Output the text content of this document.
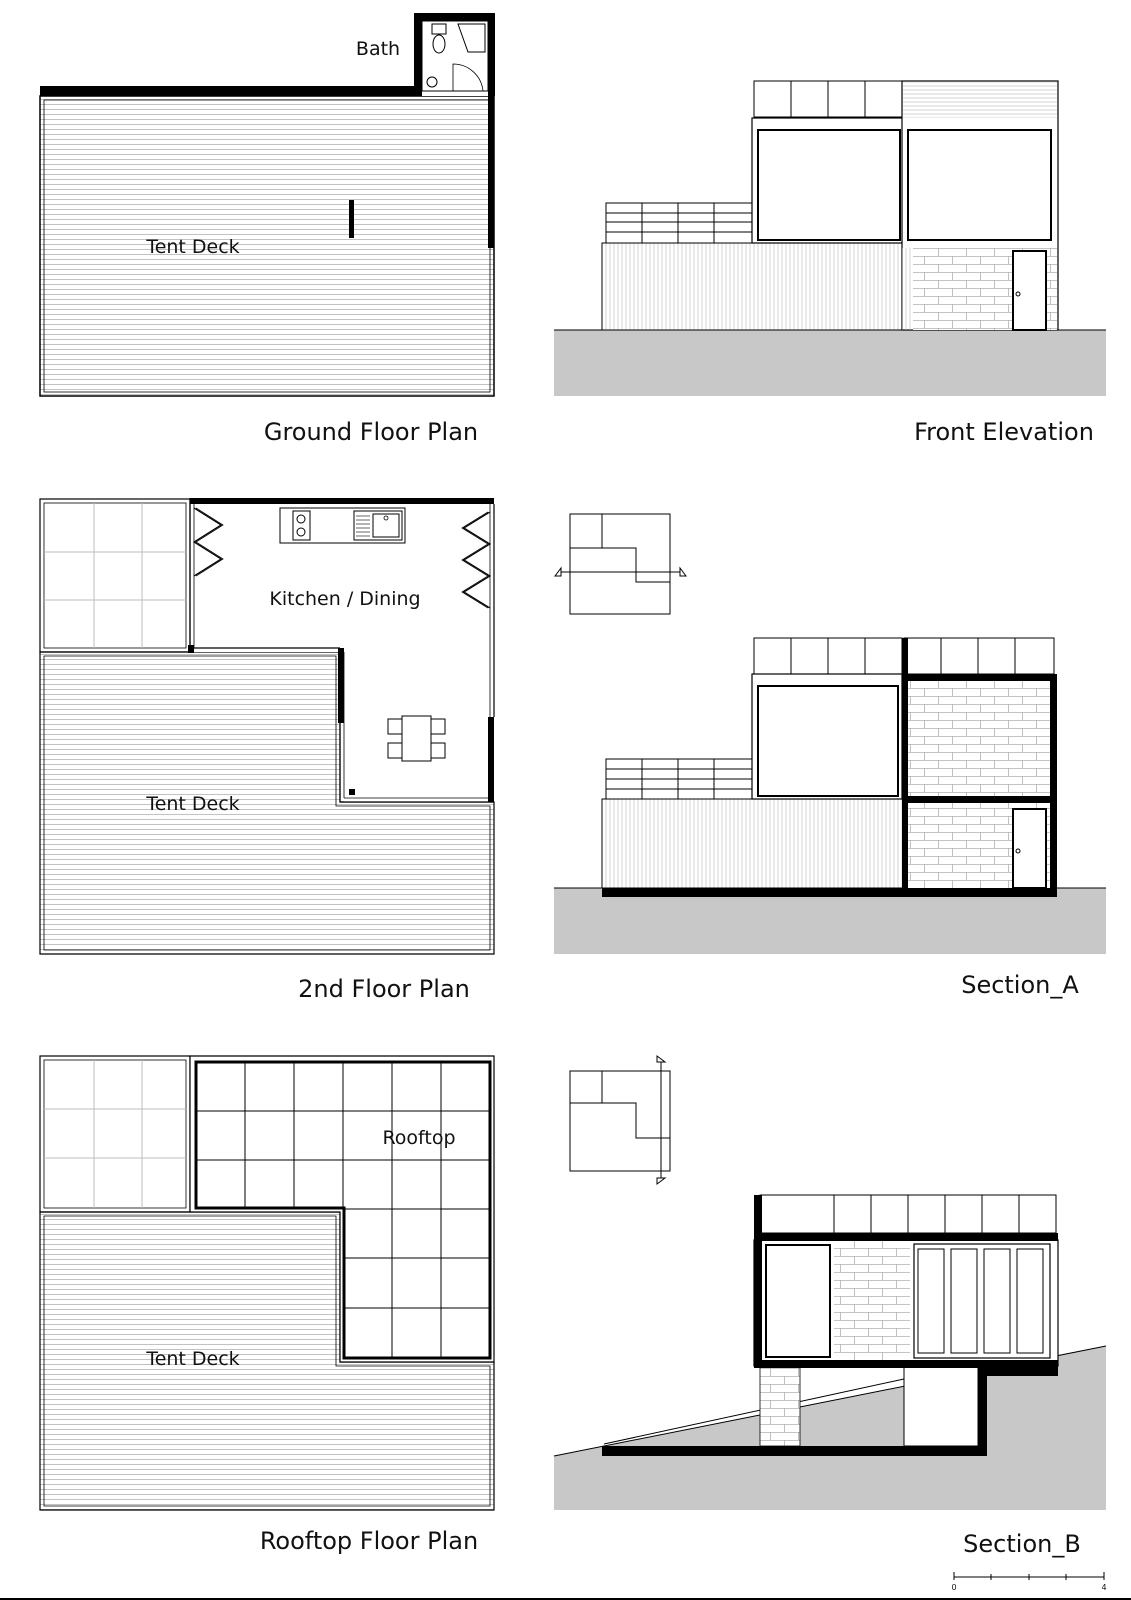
Bath
Tent Deck
Ground Floor Plan	Front Elevation
Kitchen / Dining
Tent Deck
2nd Floor Plan	Section_A
Rooftop
Tent Deck
Rooftop Floor Plan	Section_B
0	4
